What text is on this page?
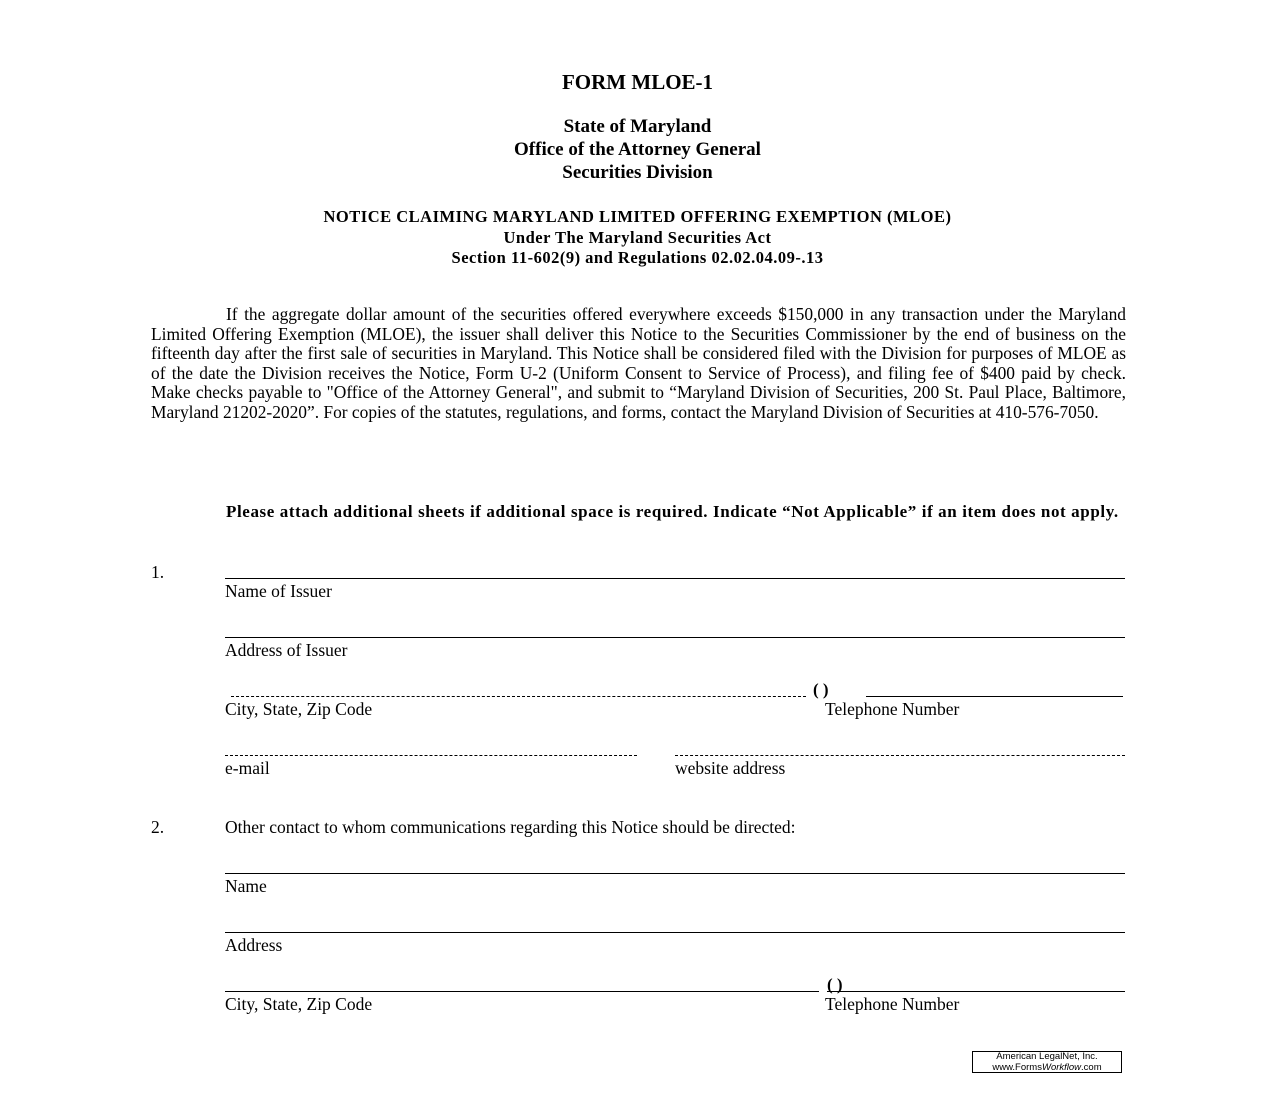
FORM MLOE-1
State of Maryland
Office of the Attorney General
Securities Division
NOTICE CLAIMING MARYLAND LIMITED OFFERING EXEMPTION (MLOE)
Under The Maryland Securities Act
Section 11-602(9) and Regulations 02.02.04.09-.13

If the aggregate dollar amount of the securities offered everywhere exceeds $150,000 in any transaction under the Maryland Limited Offering Exemption (MLOE), the issuer shall deliver this Notice to the Securities Commissioner by the end of business on the fifteenth day after the first sale of securities in Maryland. This Notice shall be considered filed with the Division for purposes of MLOE as of the date the Division receives the Notice, Form U-2 (Uniform Consent to Service of Process), and filing fee of $400 paid by check. Make checks payable to "Office of the Attorney General", and submit to “Maryland Division of Securities, 200 St. Paul Place, Baltimore, Maryland 21202-2020”. For copies of the statutes, regulations, and forms, contact the Maryland Division of Securities at 410-576-7050.

Please attach additional sheets if additional space is required. Indicate “Not Applicable” if an item does not apply.

1.
Name of Issuer
Address of Issuer
( )
City, State, Zip Code	Telephone Number
e-mail	website address
2.	Other contact to whom communications regarding this Notice should be directed:
Name
Address
( )
City, State, Zip Code	Telephone Number
American LegalNet, Inc.
www.FormsWorkflow.com
